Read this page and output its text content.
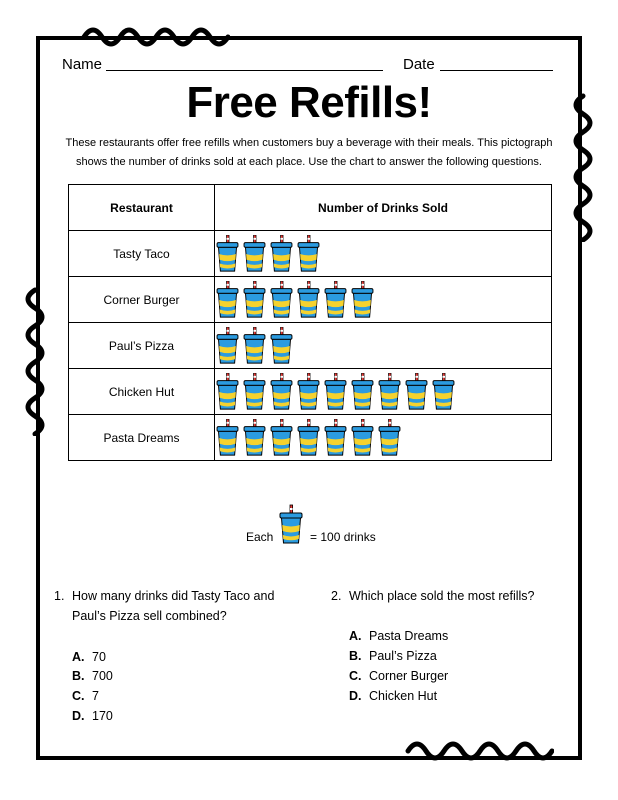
Name	Date
Free Refills!
These restaurants offer free refills when customers buy a beverage with their meals. This pictograph shows the number of drinks sold at each place. Use the chart to answer the following questions.
Restaurant	Number of Drinks Sold
Tasty Taco	

Corner Burger	

Paul’s Pizza	

Chicken Hut	

Pasta Dreams	
Each	= 100 drinks
1. How many drinks did Tasty Taco and
Paul’s Pizza sell combined?
A. 70
B. 700
C. 7
D. 170
2. Which place sold the most refills?
A. Pasta Dreams
B. Paul’s Pizza
C. Corner Burger
D. Chicken Hut
